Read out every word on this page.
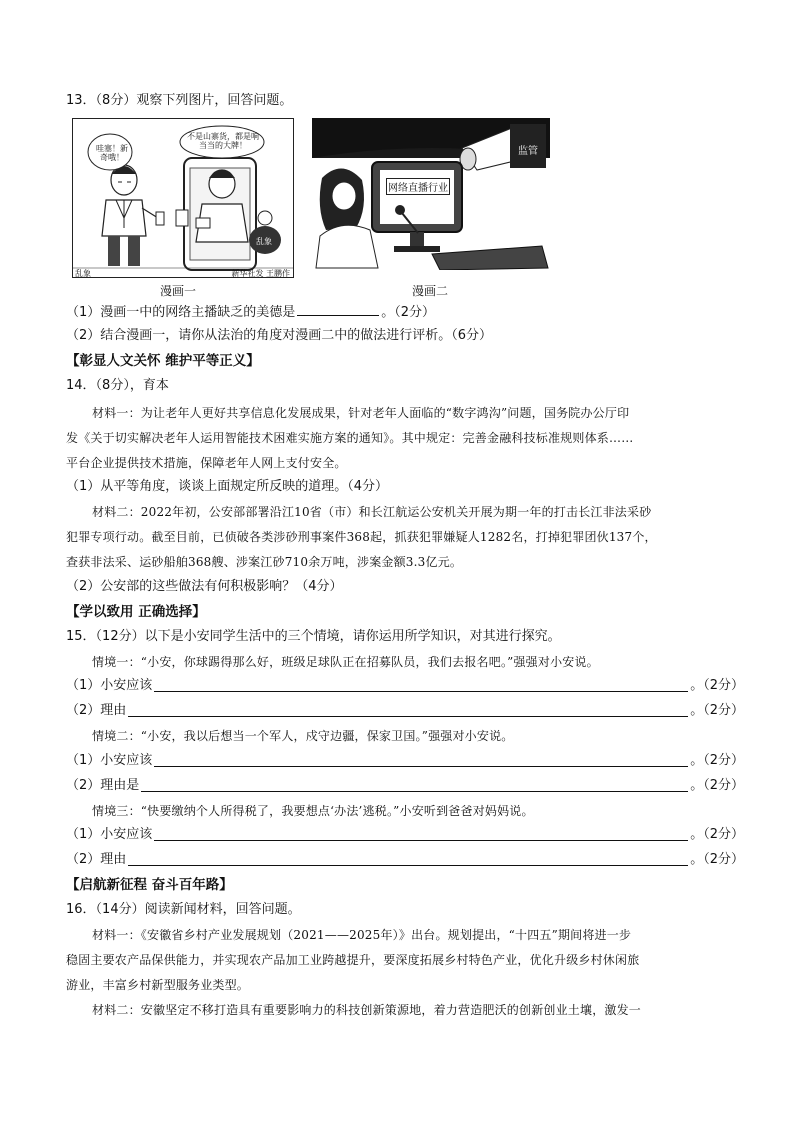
13．（8分）观察下列图片，回答问题。
哇塞！新奇哦！
不是山寨货，都是响当当的大牌！
乱象
乱象	新华社发 王鹏作
漫画一
网络直播行业
监管
漫画二
（1）漫画一中的网络主播缺乏的美德是	。（2分）
（2）结合漫画一，请你从法治的角度对漫画二中的做法进行评析。（6分）
【彰显人文关怀 维护平等正义】
14．（8分），育本
材料一：为让老年人更好共享信息化发展成果，针对老年人面临的“数字鸿沟”问题，国务院办公厅印
发《关于切实解决老年人运用智能技术困难实施方案的通知》。其中规定：完善金融科技标准规则体系……
平台企业提供技术措施，保障老年人网上支付安全。
（1）从平等角度，谈谈上面规定所反映的道理。（4分）
材料二：2022年初，公安部部署沿江10省（市）和长江航运公安机关开展为期一年的打击长江非法采砂
犯罪专项行动。截至目前，已侦破各类涉砂刑事案件368起，抓获犯罪嫌疑人1282名，打掉犯罪团伙137个，
查获非法采、运砂船舶368艘、涉案江砂710余万吨，涉案金额3.3亿元。
（2）公安部的这些做法有何积极影响？（4分）
【学以致用 正确选择】
15．（12分）以下是小安同学生活中的三个情境，请你运用所学知识，对其进行探究。
情境一：“小安，你球踢得那么好，班级足球队正在招募队员，我们去报名吧。”强强对小安说。
（1）小安应该	。（2分）
（2）理由	。（2分）
情境二：“小安，我以后想当一个军人，戍守边疆，保家卫国。”强强对小安说。
（1）小安应该	。（2分）
（2）理由是	。（2分）
情境三：“快要缴纳个人所得税了，我要想点‘办法’逃税。”小安听到爸爸对妈妈说。
（1）小安应该	。（2分）
（2）理由	。（2分）
【启航新征程 奋斗百年路】
16．（14分）阅读新闻材料，回答问题。
材料一：《安徽省乡村产业发展规划（2021——2025年）》出台。规划提出，“十四五”期间将进一步
稳固主要农产品保供能力，并实现农产品加工业跨越提升，要深度拓展乡村特色产业，优化升级乡村休闲旅
游业，丰富乡村新型服务业类型。
材料二：安徽坚定不移打造具有重要影响力的科技创新策源地，着力营造肥沃的创新创业土壤，激发一
